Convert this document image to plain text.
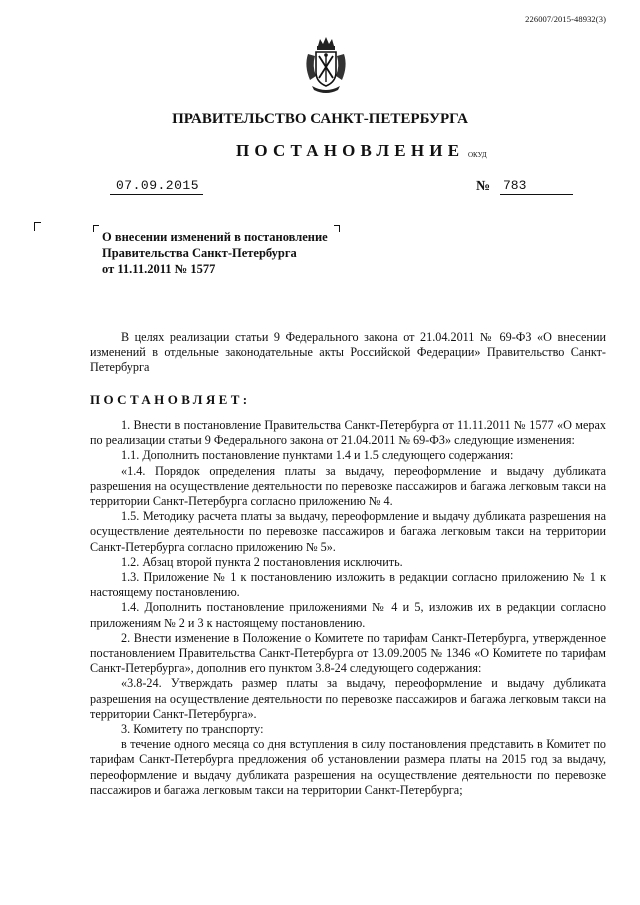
226007/2015-48932(3)
ПРАВИТЕЛЬСТВО САНКТ-ПЕТЕРБУРГА
ПОСТАНОВЛЕНИЕ ОКУД
07.09.2015	№ 783
О внесении изменений в постановление
Правительства Санкт-Петербурга
от 11.11.2011 № 1577

В целях реализации статьи 9 Федерального закона от 21.04.2011 № 69-ФЗ «О внесении изменений в отдельные законодательные акты Российской Федерации» Правительство Санкт-Петербурга

ПОСТАНОВЛЯЕТ:

1. Внести в постановление Правительства Санкт-Петербурга от 11.11.2011 № 1577 «О мерах по реализации статьи 9 Федерального закона от 21.04.2011 № 69-ФЗ» следующие изменения:

1.1. Дополнить постановление пунктами 1.4 и 1.5 следующего содержания:

«1.4. Порядок определения платы за выдачу, переоформление и выдачу дубликата разрешения на осуществление деятельности по перевозке пассажиров и багажа легковым такси на территории Санкт-Петербурга согласно приложению № 4.

1.5. Методику расчета платы за выдачу, переоформление и выдачу дубликата разрешения на осуществление деятельности по перевозке пассажиров и багажа легковым такси на территории Санкт-Петербурга согласно приложению № 5».

1.2. Абзац второй пункта 2 постановления исключить.

1.3. Приложение № 1 к постановлению изложить в редакции согласно приложению № 1 к настоящему постановлению.

1.4. Дополнить постановление приложениями № 4 и 5, изложив их в редакции согласно приложениям № 2 и 3 к настоящему постановлению.

2. Внести изменение в Положение о Комитете по тарифам Санкт-Петербурга, утвержденное постановлением Правительства Санкт-Петербурга от 13.09.2005 № 1346 «О Комитете по тарифам Санкт-Петербурга», дополнив его пунктом 3.8-24 следующего содержания:

«3.8-24. Утверждать размер платы за выдачу, переоформление и выдачу дубликата разрешения на осуществление деятельности по перевозке пассажиров и багажа легковым такси на территории Санкт-Петербурга».

3. Комитету по транспорту:

в течение одного месяца со дня вступления в силу постановления представить в Комитет по тарифам Санкт-Петербурга предложения об установлении размера платы на 2015 год за выдачу, переоформление и выдачу дубликата разрешения на осуществление деятельности по перевозке пассажиров и багажа легковым такси на территории Санкт-Петербурга;
